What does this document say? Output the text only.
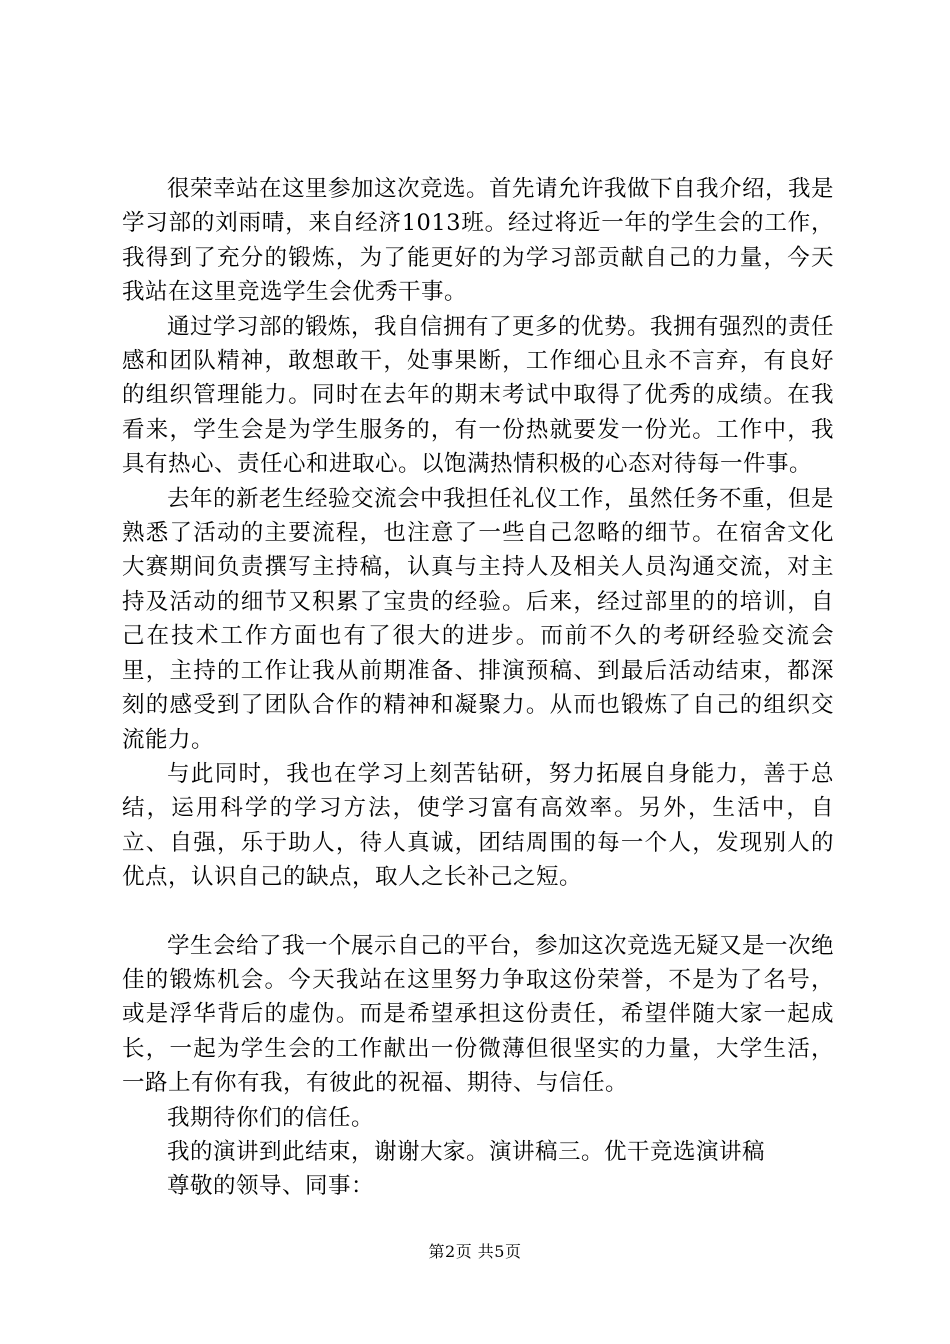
很荣幸站在这里参加这次竞选。首先请允许我做下自我介绍，我是学习部的刘雨晴，来自经济1013班。经过将近一年的学生会的工作，我得到了充分的锻炼，为了能更好的为学习部贡献自己的力量，今天我站在这里竞选学生会优秀干事。

通过学习部的锻炼，我自信拥有了更多的优势。我拥有强烈的责任感和团队精神，敢想敢干，处事果断，工作细心且永不言弃，有良好的组织管理能力。同时在去年的期末考试中取得了优秀的成绩。在我看来，学生会是为学生服务的，有一份热就要发一份光。工作中，我具有热心、责任心和进取心。以饱满热情积极的心态对待每一件事。

去年的新老生经验交流会中我担任礼仪工作，虽然任务不重，但是熟悉了活动的主要流程，也注意了一些自己忽略的细节。在宿舍文化大赛期间负责撰写主持稿，认真与主持人及相关人员沟通交流，对主持及活动的细节又积累了宝贵的经验。后来，经过部里的的培训，自己在技术工作方面也有了很大的进步。而前不久的考研经验交流会里，主持的工作让我从前期准备、排演预稿、到最后活动结束，都深刻的感受到了团队合作的精神和凝聚力。从而也锻炼了自己的组织交流能力。

与此同时，我也在学习上刻苦钻研，努力拓展自身能力，善于总结，运用科学的学习方法，使学习富有高效率。另外，生活中，自立、自强，乐于助人，待人真诚，团结周围的每一个人，发现别人的优点，认识自己的缺点，取人之长补己之短。

学生会给了我一个展示自己的平台，参加这次竞选无疑又是一次绝佳的锻炼机会。今天我站在这里努力争取这份荣誉，不是为了名号，或是浮华背后的虚伪。而是希望承担这份责任，希望伴随大家一起成长，一起为学生会的工作献出一份微薄但很坚实的力量，大学生活，一路上有你有我，有彼此的祝福、期待、与信任。

我期待你们的信任。

我的演讲到此结束，谢谢大家。演讲稿三。优干竞选演讲稿

尊敬的领导、同事：

第2页 共5页
